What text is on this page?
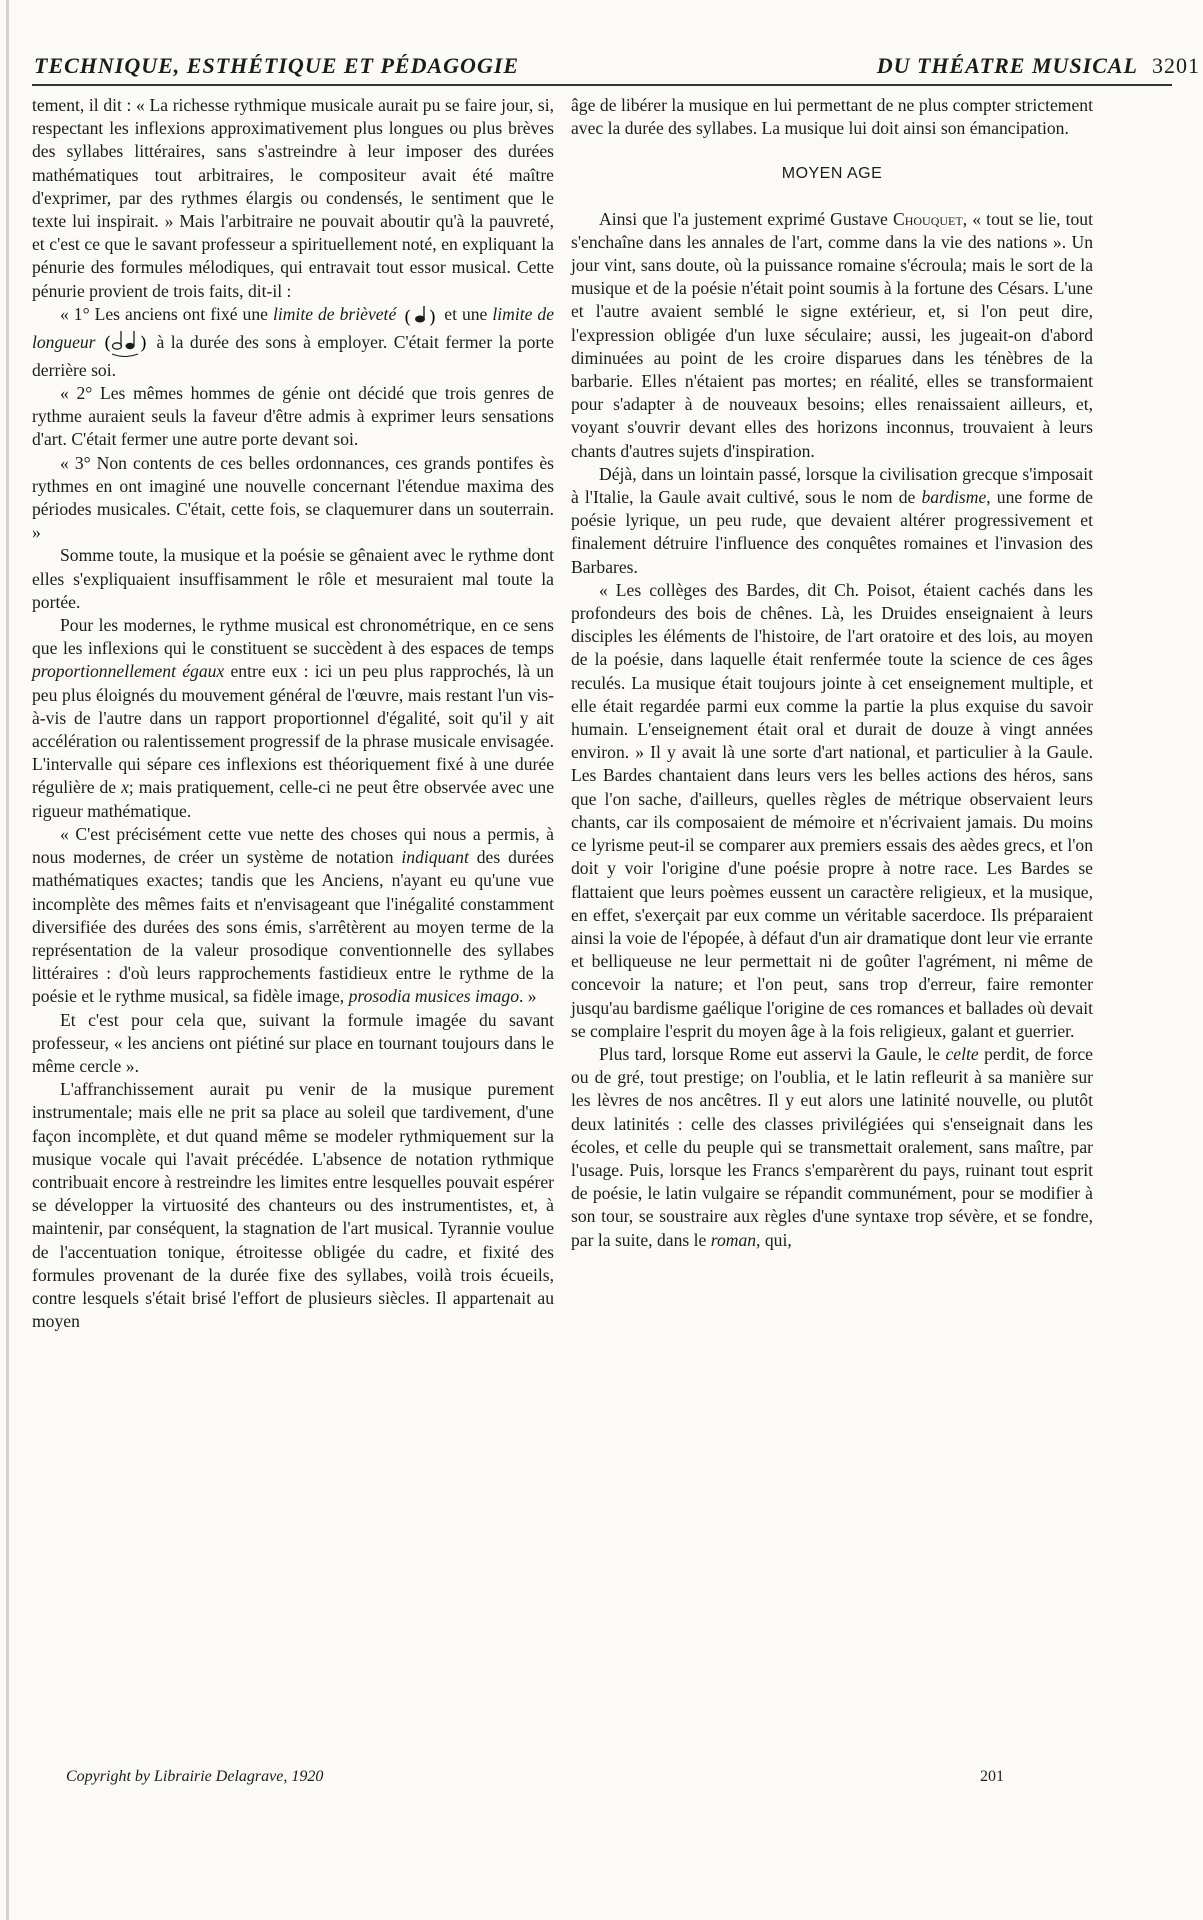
TECHNIQUE, ESTHÉTIQUE ET PÉDAGOGIE	DU THÉATRE MUSICAL 3201

tement, il dit : « La richesse rythmique musicale aurait pu se faire jour, si, respectant les inflexions approximativement plus longues ou plus brèves des syllabes littéraires, sans s'astreindre à leur imposer des durées mathématiques tout arbitraires, le compositeur avait été maître d'exprimer, par des rythmes élargis ou condensés, le sentiment que le texte lui inspirait. » Mais l'arbitraire ne pouvait aboutir qu'à la pauvreté, et c'est ce que le savant professeur a spirituellement noté, en expliquant la pénurie des formules mélodiques, qui entravait tout essor musical. Cette pénurie provient de trois faits, dit-il :

« 1° Les anciens ont fixé une limite de brièveté ( ) et une limite de longueur ( ) à la durée des sons à employer. C'était fermer la porte derrière soi.

« 2° Les mêmes hommes de génie ont décidé que trois genres de rythme auraient seuls la faveur d'être admis à exprimer leurs sensations d'art. C'était fermer une autre porte devant soi.

« 3° Non contents de ces belles ordonnances, ces grands pontifes ès rythmes en ont imaginé une nouvelle concernant l'étendue maxima des périodes musicales. C'était, cette fois, se claquemurer dans un souterrain. »

Somme toute, la musique et la poésie se gênaient avec le rythme dont elles s'expliquaient insuffisamment le rôle et mesuraient mal toute la portée.

Pour les modernes, le rythme musical est chronométrique, en ce sens que les inflexions qui le constituent se succèdent à des espaces de temps proportionnellement égaux entre eux : ici un peu plus rapprochés, là un peu plus éloignés du mouvement général de l'œuvre, mais restant l'un vis-à-vis de l'autre dans un rapport proportionnel d'égalité, soit qu'il y ait accélération ou ralentissement progressif de la phrase musicale envisagée. L'intervalle qui sépare ces inflexions est théoriquement fixé à une durée régulière de x; mais pratiquement, celle-ci ne peut être observée avec une rigueur mathématique.

« C'est précisément cette vue nette des choses qui nous a permis, à nous modernes, de créer un système de notation indiquant des durées mathématiques exactes; tandis que les Anciens, n'ayant eu qu'une vue incomplète des mêmes faits et n'envisageant que l'inégalité constamment diversifiée des durées des sons émis, s'arrêtèrent au moyen terme de la représentation de la valeur prosodique conventionnelle des syllabes littéraires : d'où leurs rapprochements fastidieux entre le rythme de la poésie et le rythme musical, sa fidèle image, prosodia musices imago. »

Et c'est pour cela que, suivant la formule imagée du savant professeur, « les anciens ont piétiné sur place en tournant toujours dans le même cercle ».

L'affranchissement aurait pu venir de la musique purement instrumentale; mais elle ne prit sa place au soleil que tardivement, d'une façon incomplète, et dut quand même se modeler rythmiquement sur la musique vocale qui l'avait précédée. L'absence de notation rythmique contribuait encore à restreindre les limites entre lesquelles pouvait espérer se développer la virtuosité des chanteurs ou des instrumentistes, et, à maintenir, par conséquent, la stagnation de l'art musical. Tyrannie voulue de l'accentuation tonique, étroitesse obligée du cadre, et fixité des formules provenant de la durée fixe des syllabes, voilà trois écueils, contre lesquels s'était brisé l'effort de plusieurs siècles. Il appartenait au moyen

âge de libérer la musique en lui permettant de ne plus compter strictement avec la durée des syllabes. La musique lui doit ainsi son émancipation.

MOYEN AGE

Ainsi que l'a justement exprimé Gustave Chouquet, « tout se lie, tout s'enchaîne dans les annales de l'art, comme dans la vie des nations ». Un jour vint, sans doute, où la puissance romaine s'écroula; mais le sort de la musique et de la poésie n'était point soumis à la fortune des Césars. L'une et l'autre avaient semblé le signe extérieur, et, si l'on peut dire, l'expression obligée d'un luxe séculaire; aussi, les jugeait-on d'abord diminuées au point de les croire disparues dans les ténèbres de la barbarie. Elles n'étaient pas mortes; en réalité, elles se transformaient pour s'adapter à de nouveaux besoins; elles renaissaient ailleurs, et, voyant s'ouvrir devant elles des horizons inconnus, trouvaient à leurs chants d'autres sujets d'inspiration.

Déjà, dans un lointain passé, lorsque la civilisation grecque s'imposait à l'Italie, la Gaule avait cultivé, sous le nom de bardisme, une forme de poésie lyrique, un peu rude, que devaient altérer progressivement et finalement détruire l'influence des conquêtes romaines et l'invasion des Barbares.

« Les collèges des Bardes, dit Ch. Poisot, étaient cachés dans les profondeurs des bois de chênes. Là, les Druides enseignaient à leurs disciples les éléments de l'histoire, de l'art oratoire et des lois, au moyen de la poésie, dans laquelle était renfermée toute la science de ces âges reculés. La musique était toujours jointe à cet enseignement multiple, et elle était regardée parmi eux comme la partie la plus exquise du savoir humain. L'enseignement était oral et durait de douze à vingt années environ. » Il y avait là une sorte d'art national, et particulier à la Gaule. Les Bardes chantaient dans leurs vers les belles actions des héros, sans que l'on sache, d'ailleurs, quelles règles de métrique observaient leurs chants, car ils composaient de mémoire et n'écrivaient jamais. Du moins ce lyrisme peut-il se comparer aux premiers essais des aèdes grecs, et l'on doit y voir l'origine d'une poésie propre à notre race. Les Bardes se flattaient que leurs poèmes eussent un caractère religieux, et la musique, en effet, s'exerçait par eux comme un véritable sacerdoce. Ils préparaient ainsi la voie de l'épopée, à défaut d'un air dramatique dont leur vie errante et belliqueuse ne leur permettait ni de goûter l'agrément, ni même de concevoir la nature; et l'on peut, sans trop d'erreur, faire remonter jusqu'au bardisme gaélique l'origine de ces romances et ballades où devait se complaire l'esprit du moyen âge à la fois religieux, galant et guerrier.

Plus tard, lorsque Rome eut asservi la Gaule, le celte perdit, de force ou de gré, tout prestige; on l'oublia, et le latin refleurit à sa manière sur les lèvres de nos ancêtres. Il y eut alors une latinité nouvelle, ou plutôt deux latinités : celle des classes privilégiées qui s'enseignait dans les écoles, et celle du peuple qui se transmettait oralement, sans maître, par l'usage. Puis, lorsque les Francs s'emparèrent du pays, ruinant tout esprit de poésie, le latin vulgaire se répandit communément, pour se modifier à son tour, se soustraire aux règles d'une syntaxe trop sévère, et se fondre, par la suite, dans le roman, qui,

Copyright by Librairie Delagrave, 1920	201
